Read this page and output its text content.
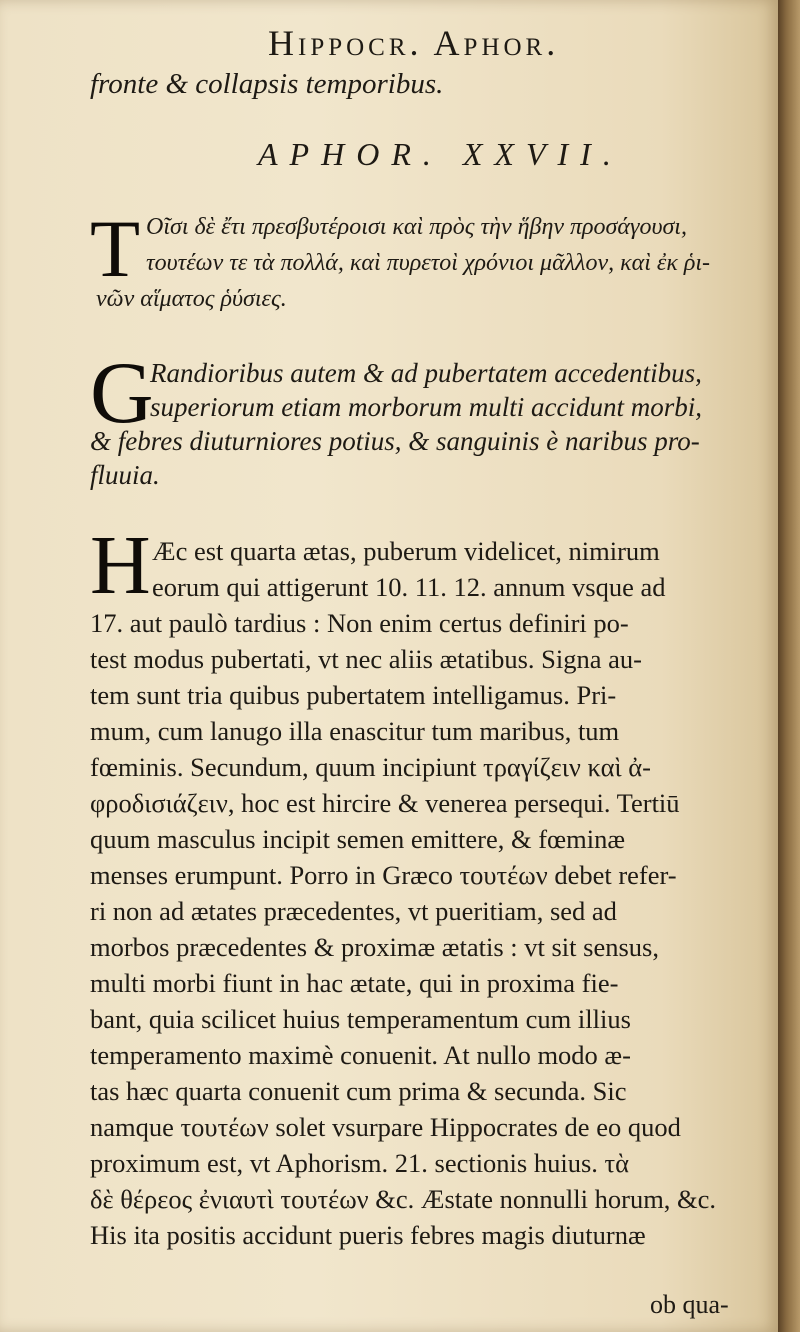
Hippocr. Aphor.
fronte & collapsis temporibus.
APHOR. XXVII.
T Οῖσι δὲ ἔτι πρεσβυτέροισι καὶ πρὸς τὴν ἥβην προσάγουσι,
τουτέων τε τὰ πολλά, καὶ πυρετοὶ χρόνιοι μᾶλλον, καὶ ἐκ ῥι-
νῶν αἵματος ῥύσιες.
G
Randioribus autem & ad pubertatem accedentibus,
superiorum etiam morborum multi accidunt morbi,
& febres diuturniores potius, & sanguinis è naribus pro-
fluuia.
H Æc est quarta ætas, puberum videlicet, nimirum
eorum qui attigerunt 10. 11. 12. annum vsque ad
17. aut paulò tardius : Non enim certus definiri po-
test modus pubertati, vt nec aliis ætatibus. Signa au-
tem sunt tria quibus pubertatem intelligamus. Pri-
mum, cum lanugo illa enascitur tum maribus, tum
fœminis. Secundum, quum incipiunt τραγίζειν καὶ ἀ-
φροδισιάζειν, hoc est hircire & venerea persequi. Tertiū
quum masculus incipit semen emittere, & fœminæ
menses erumpunt. Porro in Græco τουτέων debet refer-
ri non ad ætates præcedentes, vt pueritiam, sed ad
morbos præcedentes & proximæ ætatis : vt sit sensus,
multi morbi fiunt in hac ætate, qui in proxima fie-
bant, quia scilicet huius temperamentum cum illius
temperamento maximè conuenit. At nullo modo æ-
tas hæc quarta conuenit cum prima & secunda. Sic
namque τουτέων solet vsurpare Hippocrates de eo quod
proximum est, vt Aphorism. 21. sectionis huius. τὰ
δὲ θέρεος ἐνιαυτὶ τουτέων &c. Æstate nonnulli horum, &c.
His ita positis accidunt pueris febres magis diuturnæ
ob qua-
